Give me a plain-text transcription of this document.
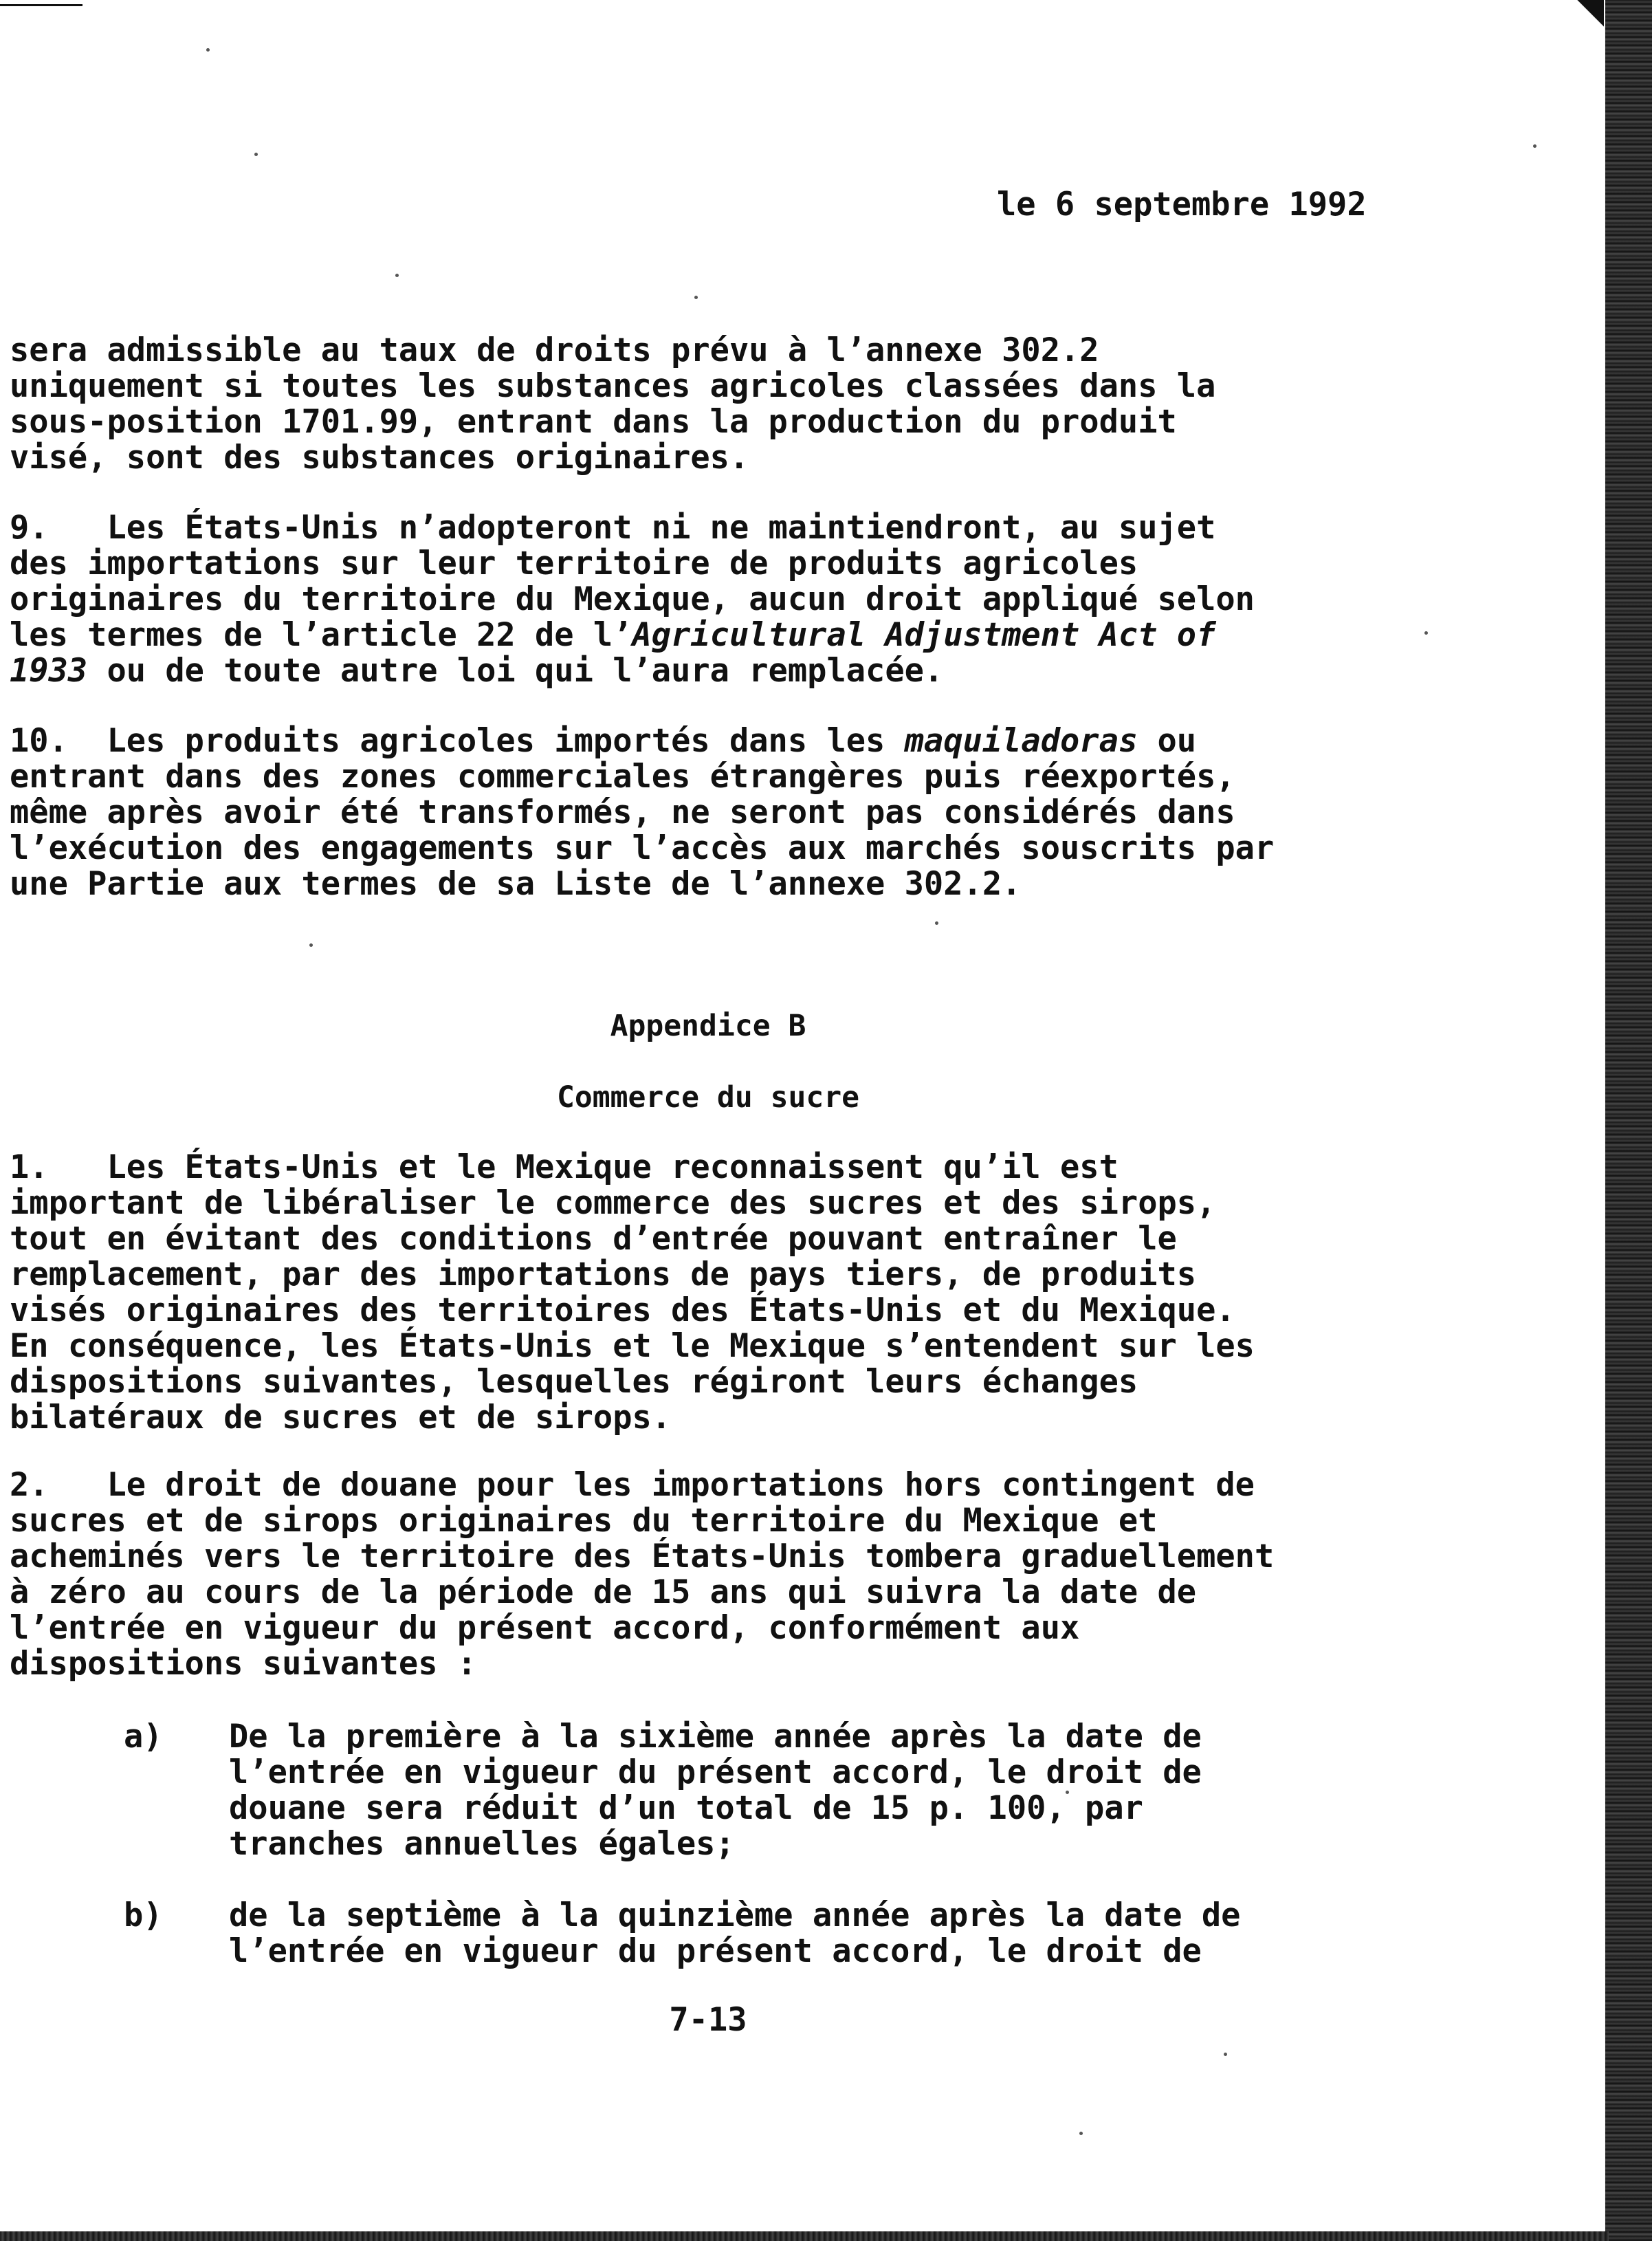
le 6 septembre 1992

sera admissible au taux de droits prévu à l’annexe 302.2
uniquement si toutes les substances agricoles classées dans la
sous-position 1701.99, entrant dans la production du produit
visé, sont des substances originaires.
9.   Les États-Unis n’adopteront ni ne maintiendront, au sujet
des importations sur leur territoire de produits agricoles
originaires du territoire du Mexique, aucun droit appliqué selon
les termes de l’article 22 de l’Agricultural Adjustment Act of
1933 ou de toute autre loi qui l’aura remplacée.
10.  Les produits agricoles importés dans les maquiladoras ou
entrant dans des zones commerciales étrangères puis réexportés,
même après avoir été transformés, ne seront pas considérés dans
l’exécution des engagements sur l’accès aux marchés souscrits par
une Partie aux termes de sa Liste de l’annexe 302.2.

Appendice B

Commerce du sucre

1.   Les États-Unis et le Mexique reconnaissent qu’il est
important de libéraliser le commerce des sucres et des sirops,
tout en évitant des conditions d’entrée pouvant entraîner le
remplacement, par des importations de pays tiers, de produits
visés originaires des territoires des États-Unis et du Mexique.
En conséquence, les États-Unis et le Mexique s’entendent sur les
dispositions suivantes, lesquelles régiront leurs échanges
bilatéraux de sucres et de sirops.
2.   Le droit de douane pour les importations hors contingent de
sucres et de sirops originaires du territoire du Mexique et
acheminés vers le territoire des États-Unis tombera graduellement
à zéro au cours de la période de 15 ans qui suivra la date de
l’entrée en vigueur du présent accord, conformément aux
dispositions suivantes :

a) De la première à la sixième année après la date de
l’entrée en vigueur du présent accord, le droit de
douane sera réduit d’un total de 15 p. 100, par
tranches annuelles égales;

b) de la septième à la quinzième année après la date de
l’entrée en vigueur du présent accord, le droit de

7-13
